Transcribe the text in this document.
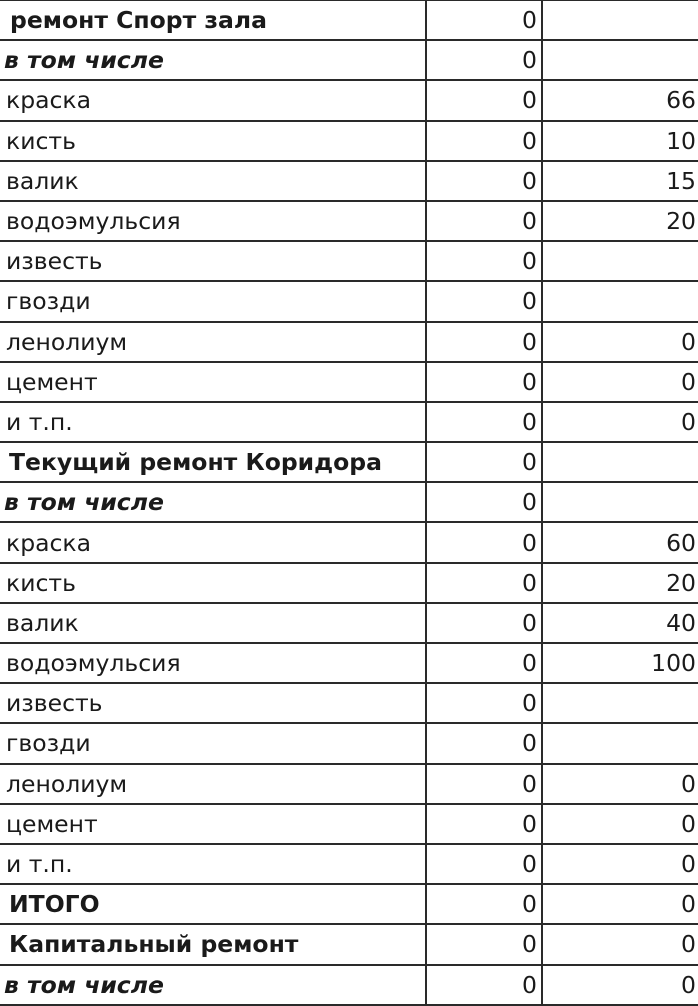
ремонт Спорт зала	0	
в том числе	0	
краска	0	66
кисть	0	10
валик	0	15
водоэмульсия	0	20
известь	0	
гвозди	0	
ленолиум	0	0
цемент	0	0
и т.п.	0	0
Текущий ремонт Коридора	0	
в том числе	0	
краска	0	60
кисть	0	20
валик	0	40
водоэмульсия	0	100
известь	0	
гвозди	0	
ленолиум	0	0
цемент	0	0
и т.п.	0	0
ИТОГО	0	0
Капитальный ремонт	0	0
в том числе	0	0
